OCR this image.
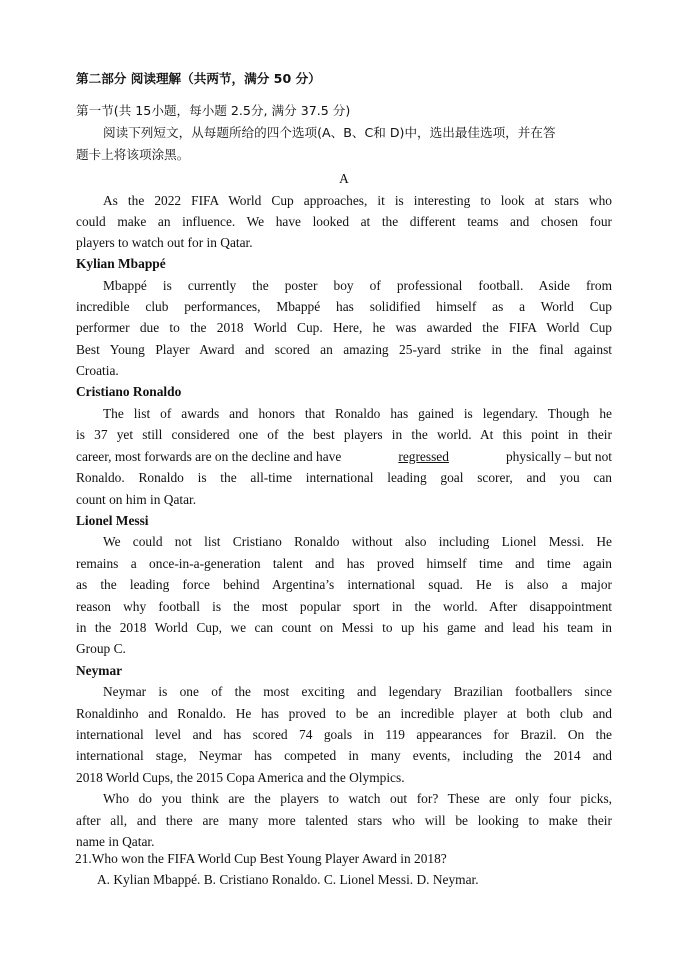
第二部分 阅读理解（共两节，满分 50 分）
第一节(共 15小题，每小题 2.5分, 满分 37.5 分)
阅读下列短文，从每题所给的四个选项(A、B、C和 D)中，选出最佳选项，并在答
题卡上将该项涂黑。
A
As the 2022 FIFA World Cup approaches, it is interesting to look at stars who
could make an influence. We have looked at the different teams and chosen four
players to watch out for in Qatar.
Kylian Mbappé
Mbappé is currently the poster boy of professional football. Aside from
incredible club performances, Mbappé has solidified himself as a World Cup
performer due to the 2018 World Cup. Here, he was awarded the FIFA World Cup
Best Young Player Award and scored an amazing 25-yard strike in the final against
Croatia.
Cristiano Ronaldo
The list of awards and honors that Ronaldo has gained is legendary. Though he
is 37 yet still considered one of the best players in the world. At this point in their
career, most forwards are on the decline and have	regressed	physically – but not
Ronaldo. Ronaldo is the all-time international leading goal scorer, and you can
count on him in Qatar.
Lionel Messi
We could not list Cristiano Ronaldo without also including Lionel Messi. He
remains a once-in-a-generation talent and has proved himself time and time again
as the leading force behind Argentina’s international squad. He is also a major
reason why football is the most popular sport in the world. After disappointment
in the 2018 World Cup, we can count on Messi to up his game and lead his team in
Group C.
Neymar
Neymar is one of the most exciting and legendary Brazilian footballers since
Ronaldinho and Ronaldo. He has proved to be an incredible player at both club and
international level and has scored 74 goals in 119 appearances for Brazil. On the
international stage, Neymar has competed in many events, including the 2014 and
2018 World Cups, the 2015 Copa America and the Olympics.
Who do you think are the players to watch out for? These are only four picks,
after all, and there are many more talented stars who will be looking to make their
name in Qatar.
21.Who won the FIFA World Cup Best Young Player Award in 2018?
A. Kylian Mbappé. B. Cristiano Ronaldo. C. Lionel Messi. D. Neymar.
